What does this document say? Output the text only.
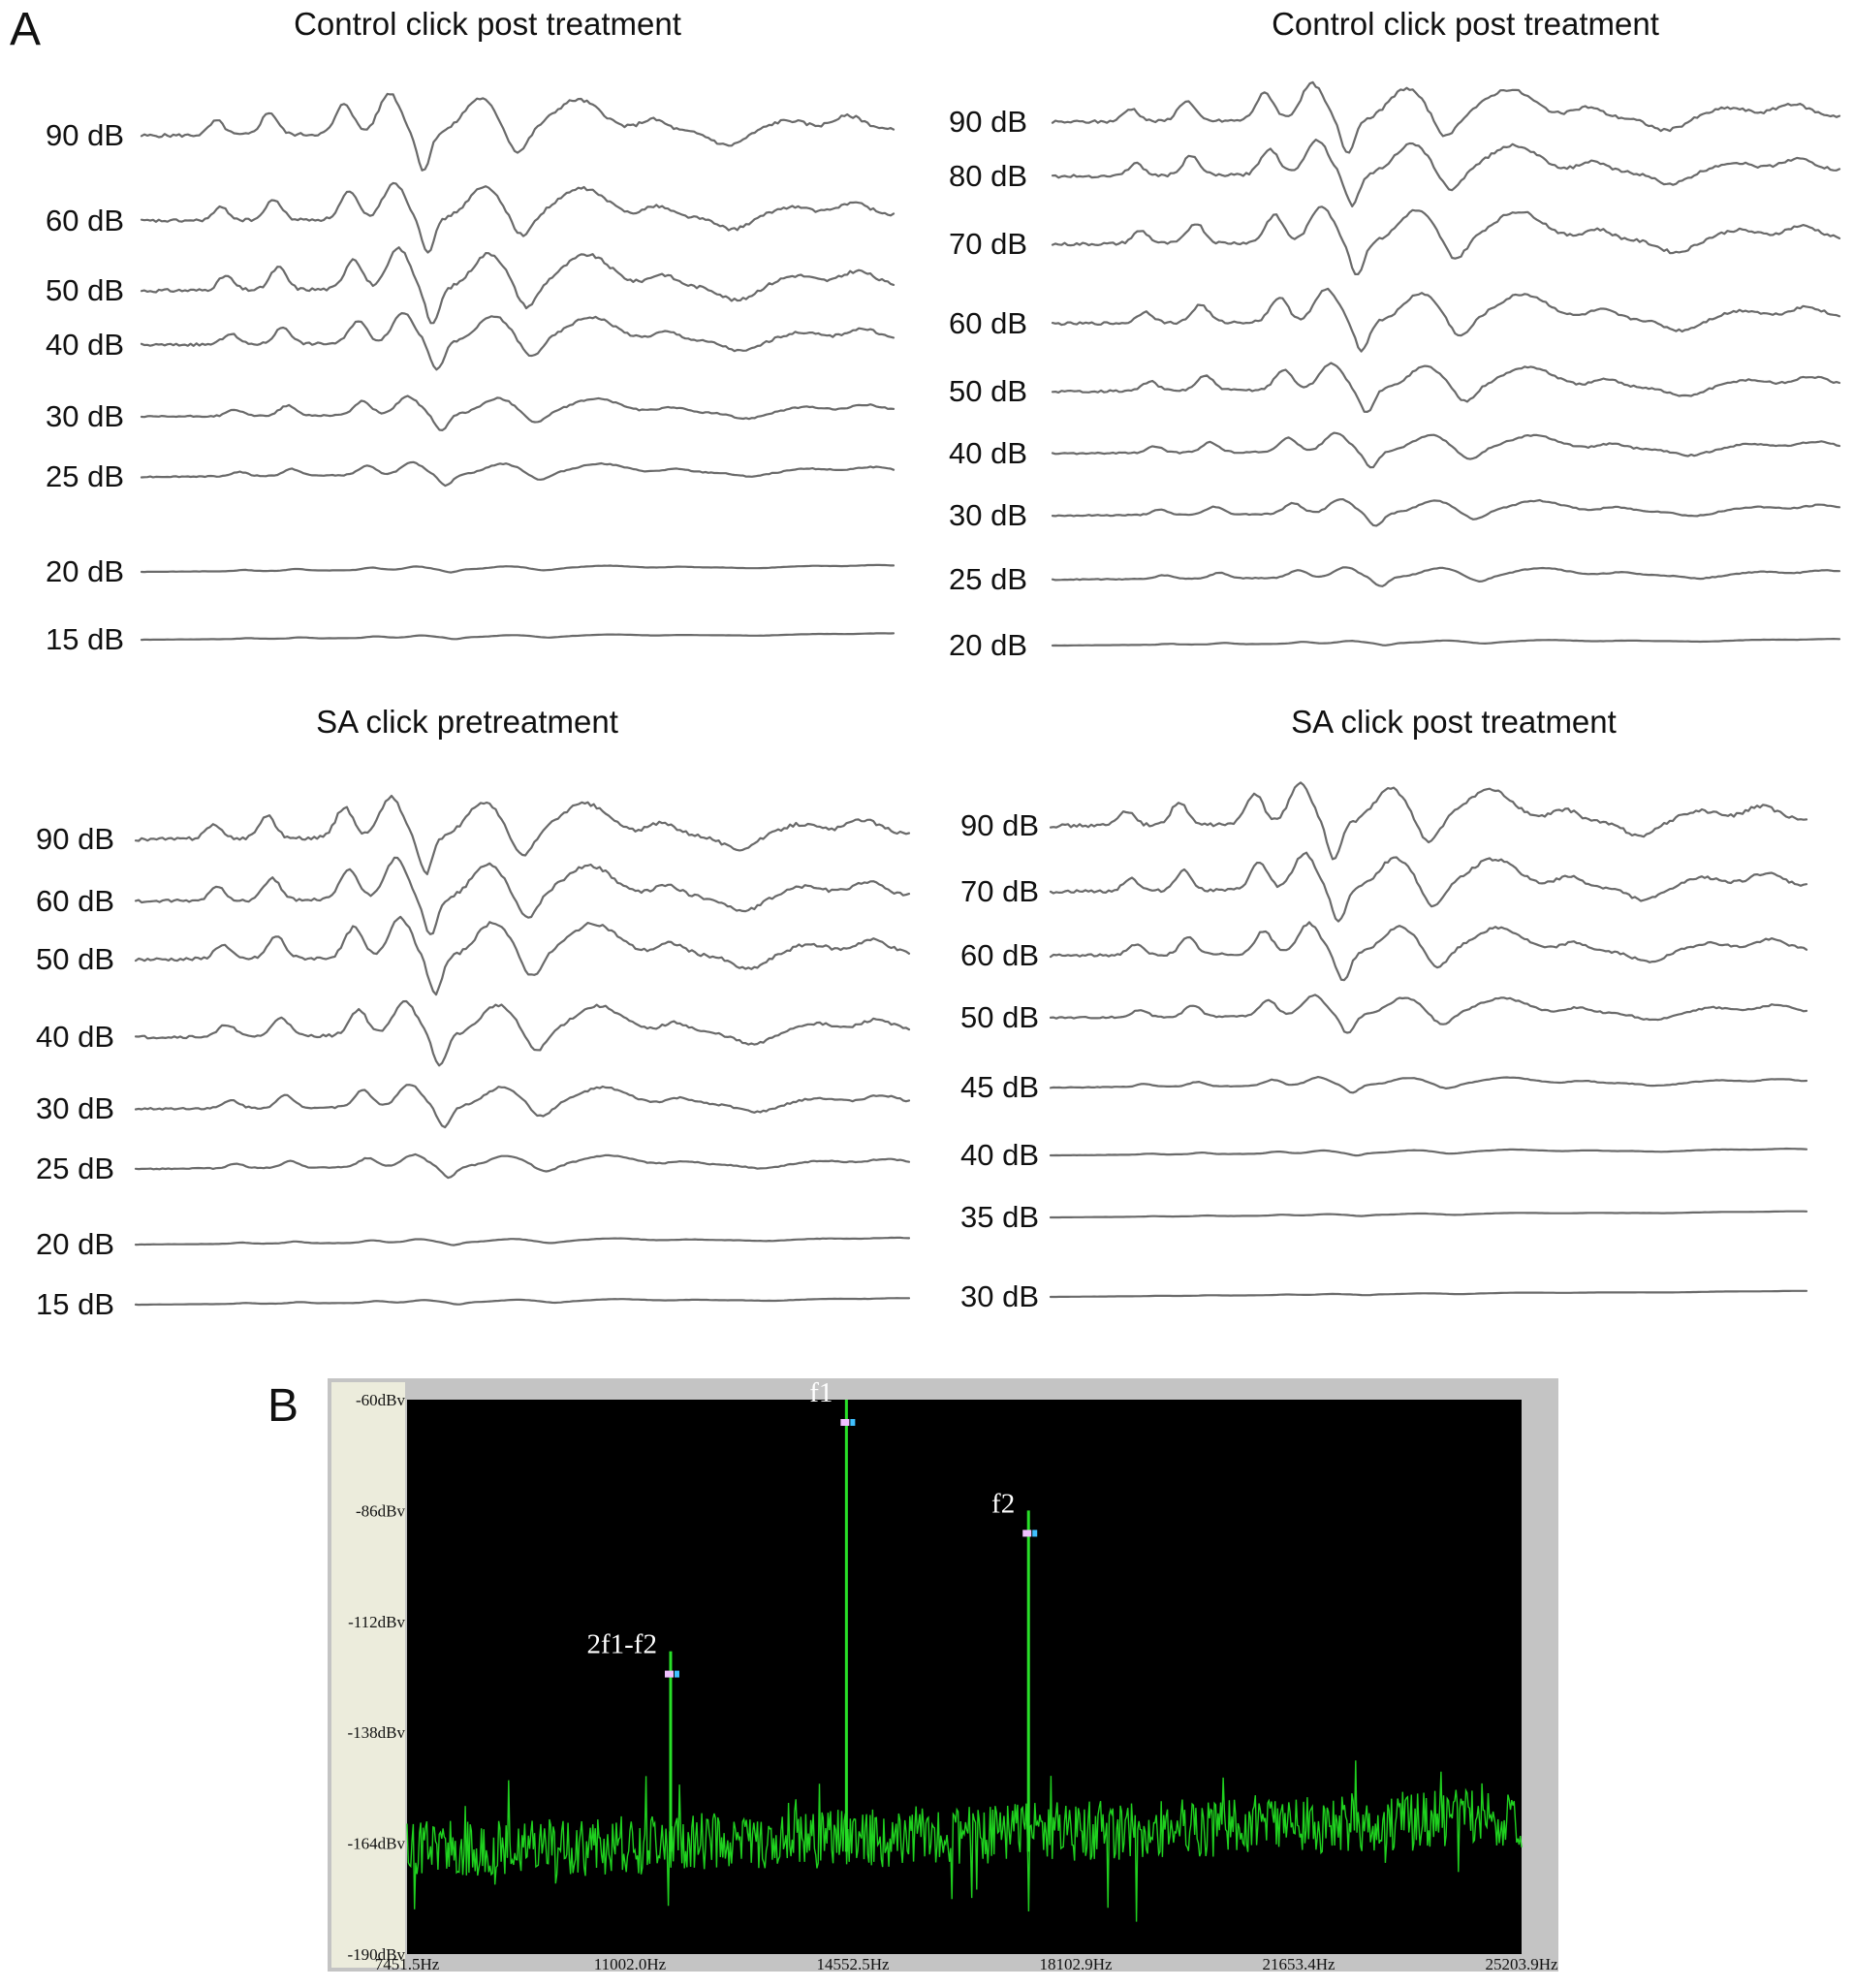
A	Control click post treatment
90 dB
60 dB
50 dB
40 dB
30 dB
25 dB
20 dB
15 dB
Control click post treatment
90 dB
80 dB
70 dB
60 dB
50 dB
40 dB
30 dB
25 dB
20 dB
SA click pretreatment
90 dB
60 dB
50 dB
40 dB
30 dB
25 dB
20 dB
15 dB
SA click post treatment
90 dB
70 dB
60 dB
50 dB
45 dB
40 dB
35 dB
30 dB
B	-60dBv
-86dBv
-112dBv
-138dBv
-164dBv
-190dBv
7451.5Hz	11002.0Hz	14552.5Hz	18102.9Hz	21653.4Hz	25203.9Hz
2f1-f2
f1
f2
